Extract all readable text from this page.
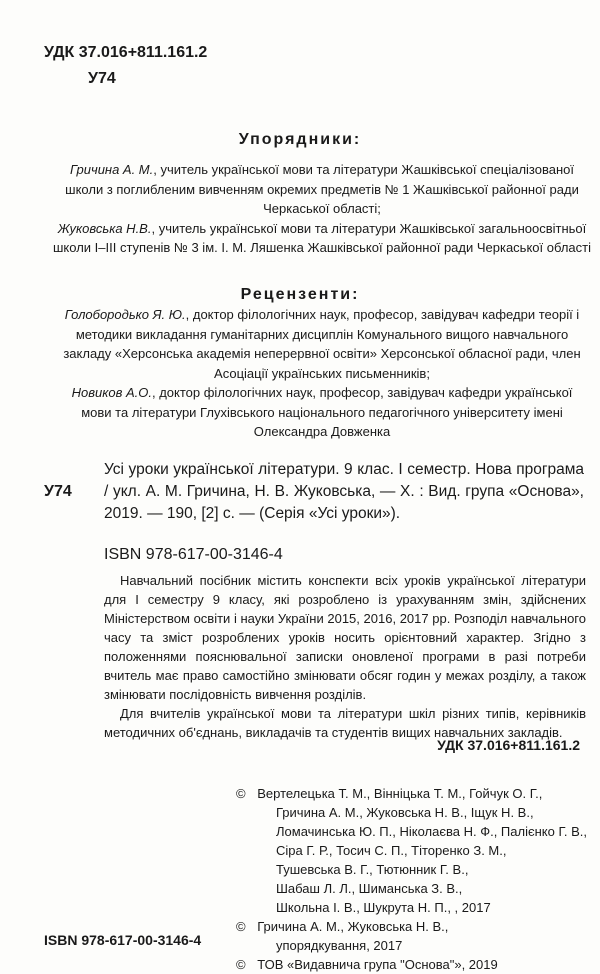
УДК 37.016+811.161.2
У74
Упорядники:

Гричина А. М., учитель української мови та літератури Жашківської спеціалізованої школи з поглибленим вивченням окремих предметів № 1 Жашківської районної ради Черкаської області;

Жуковська Н.В., учитель української мови та літератури Жашківської загальноосвітньої школи І–ІІІ ступенів № 3 ім. І. М. Ляшенка Жашківської районної ради Черкаської області

Рецензенти:

Голобородько Я. Ю., доктор філологічних наук, професор, завідувач кафедри теорії і методики викладання гуманітарних дисциплін Комунального вищого навчального закладу «Херсонська академія неперервної освіти» Херсонської обласної ради, член Асоціації українських письменників;

Новиков А.О., доктор філологічних наук, професор, завідувач кафедри української мови та літератури Глухівського національного педагогічного університету імені Олександра Довженка

У74

Усі уроки української літератури. 9 клас. І семестр. Нова програма / укл. А. М. Гричина, Н. В. Жуковська, — Х. : Вид. група «Основа», 2019. — 190, [2] с. — (Серія «Усі уроки»).

ISBN 978-617-00-3146-4

Навчальний посібник містить конспекти всіх уроків української літератури для І семестру 9 класу, які розроблено із урахуванням змін, здійснених Міністерством освіти і науки України 2015, 2016, 2017 рр. Розподіл навчального часу та зміст розроблених уроків носить орієнтовний характер. Згідно з положеннями пояснювальної записки оновленої програми в разі потреби вчитель має право самостійно змінювати обсяг годин у межах розділу, а також змінювати послідовність вивчення розділів.

Для вчителів української мови та літератури шкіл різних типів, керівників методичних об'єднань, викладачів та студентів вищих навчальних закладів.

УДК 37.016+811.161.2

© Вертелецька Т. М., Вінніцька Т. М., Гойчук О. Г.,
Гричина А. М., Жуковська Н. В., Іщук Н. В.,
Ломачинська Ю. П., Ніколаєва Н. Ф., Палієнко Г. В.,
Сіра Г. Р., Тосич С. П., Тіторенко З. М.,
Тушевська В. Г., Тютюнник Г. В.,
Шабаш Л. Л., Шиманська З. В.,
Школьна І. В., Шукрута Н. П., , 2017

© Гричина А. М., Жуковська Н. В.,
упорядкування, 2017

© ТОВ «Видавнича група "Основа"», 2019

ISBN 978-617-00-3146-4
